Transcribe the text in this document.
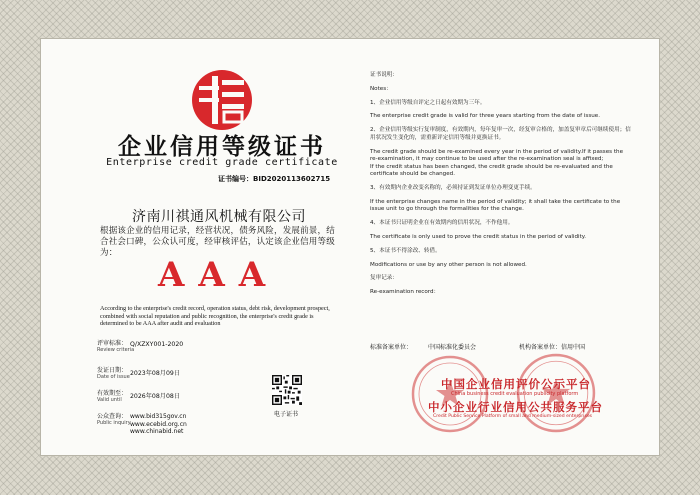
企业信用等级证书
Enterprise credit grade certificate
证书编号：BID2020113602715
济南川祺通风机械有限公司
根据该企业的信用记录，经营状况，债务风险，发展前景，结合社会口碑，公众认可度，经审核评估，认定该企业信用等级为：
AAA
According to the enterprise's credit record, operation status, debt risk, development prospect, combined with social reputation and public recognition, the enterprise's credit grade is determined to be AAA after audit and evaluation
评审标准：
Review criteria
Q/XZXY001-2020
发证日期：
Date of issue 2023年08月09日
有效期至：
Valid until	2026年08月08日
公众查询：
Public inquiry
www.bid315gov.cn
www.ecebid.org.cn
www.chinabid.net
电子证书
证书说明：
Notes：
1、企业信用等级自评定之日起有效期为三年。
The enterprise credit grade is valid for three years starting from the date of issue.
2、企业信用等级实行复审制度，有效期内，每年复审一次，经复审合格的，加盖复审章后可继续使用；信用状况发生变化的，需重新评定信用等级并更换证书。
The credit grade should be re-examined every year in the period of validity.If it passes the re-examination, it may continue to be used after the re-examination seal is affixed;
If the credit status has been changed, the credit grade should be re-evaluated and the certificate should be changed.
3、有效期内企业改变名称的，必须持证到发证单位办理变更手续。
If the enterprise changes name in the period of validity; it shall take the certificate to the issue unit to go through the formalities for the change.
4、本证书只证明企业在有效期内的信用状况，不作他用。
The certificate is only used to prove the credit status in the period of validity.
5、本证书不得涂改、转借。
Modifications or use by any other person is not allowed.
复审记录：
Re-examination record：
标准备案单位：	中国标准化委员会	机构备案单位：信用中国
中国企业信用评价公示平台
China business credit evaluation publicity platform
中小企业行业信用公共服务平台
Credit Public Service Platform of small and medium-sized enterprises
